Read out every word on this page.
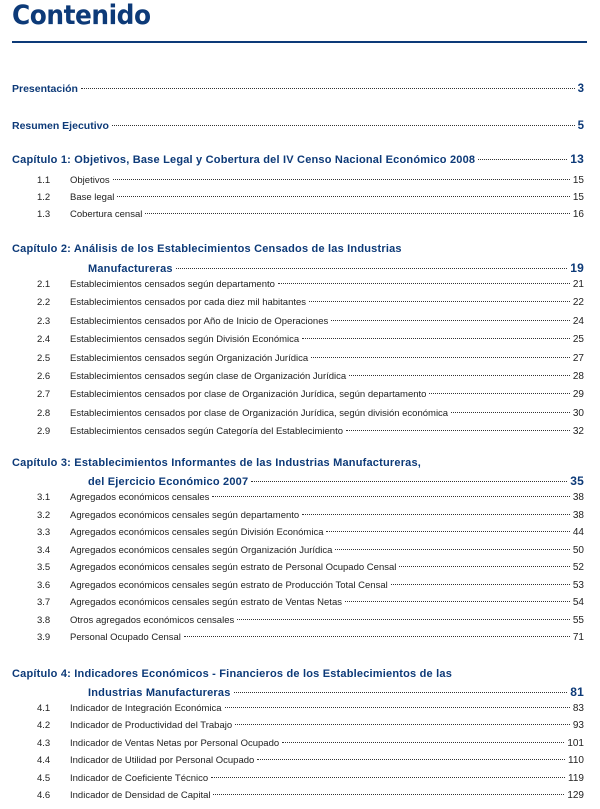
Contenido
Presentación	3
Resumen Ejecutivo	5
Capítulo 1: Objetivos, Base Legal y Cobertura del IV Censo Nacional Económico 2008	13
1.1	Objetivos	15
1.2	Base legal	15
1.3	Cobertura censal	16
Capítulo 2: Análisis de los Establecimientos Censados de las Industrias
Manufactureras	19
2.1	Establecimientos censados según departamento	21
2.2	Establecimientos censados por cada diez mil habitantes	22
2.3	Establecimientos censados por Año de Inicio de Operaciones	24
2.4	Establecimientos censados según División Económica	25
2.5	Establecimientos censados según Organización Jurídica	27
2.6	Establecimientos censados según clase de Organización Jurídica	28
2.7	Establecimientos censados por clase de Organización Jurídica, según departamento	29
2.8	Establecimientos censados por clase de Organización Jurídica, según división económica	30
2.9	Establecimientos censados según Categoría del Establecimiento	32
Capítulo 3: Establecimientos Informantes de las Industrias Manufactureras,
del Ejercicio Económico 2007	35
3.1	Agregados económicos censales	38
3.2	Agregados económicos censales según departamento	38
3.3	Agregados económicos censales según División Económica	44
3.4	Agregados económicos censales según Organización Jurídica	50
3.5	Agregados económicos censales según estrato de Personal Ocupado Censal	52
3.6	Agregados económicos censales según estrato de Producción Total Censal	53
3.7	Agregados económicos censales según estrato de Ventas Netas	54
3.8	Otros agregados económicos censales	55
3.9	Personal Ocupado Censal	71
Capítulo 4: Indicadores Económicos - Financieros de los Establecimientos de las
Industrias Manufactureras	81
4.1	Indicador de Integración Económica	83
4.2	Indicador de Productividad del Trabajo	93
4.3	Indicador de Ventas Netas por Personal Ocupado	101
4.4	Indicador de Utilidad por Personal Ocupado	110
4.5	Indicador de Coeficiente Técnico	119
4.6	Indicador de Densidad de Capital	129
